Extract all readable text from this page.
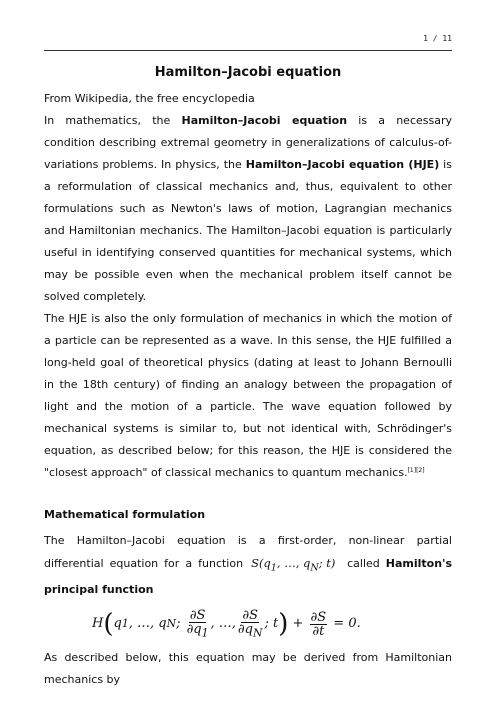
1 / 11
Hamilton–Jacobi equation

From Wikipedia, the free encyclopedia

In mathematics, the Hamilton–Jacobi equation is a necessary condition describing extremal geometry in generalizations of calculus-of-variations problems. In physics, the Hamilton–Jacobi equation (HJE) is a reformulation of classical mechanics and, thus, equivalent to other formulations such as Newton's laws of motion, Lagrangian mechanics and Hamiltonian mechanics. The Hamilton–Jacobi equation is particularly useful in identifying conserved quantities for mechanical systems, which may be possible even when the mechanical problem itself cannot be solved completely.

The HJE is also the only formulation of mechanics in which the motion of a particle can be represented as a wave. In this sense, the HJE fulfilled a long-held goal of theoretical physics (dating at least to Johann Bernoulli in the 18th century) of finding an analogy between the propagation of light and the motion of a particle. The wave equation followed by mechanical systems is similar to, but not identical with, Schrödinger's equation, as described below; for this reason, the HJE is considered the "closest approach" of classical mechanics to quantum mechanics.[1][2]

Mathematical formulation

The Hamilton–Jacobi equation is a first-order, non-linear partial differential equation for a function $S(q_1$, …, $q_N$; t) called Hamilton's principal function

H ( q 1 , …, q N ; $\frac{\partial S}{\partial q_1}$ , …, $\frac{\partial S}{\partial q_N}$ ; t ) + $\frac{\partial S}{\partial t} = 0$.

As described below, this equation may be derived from Hamiltonian mechanics by
